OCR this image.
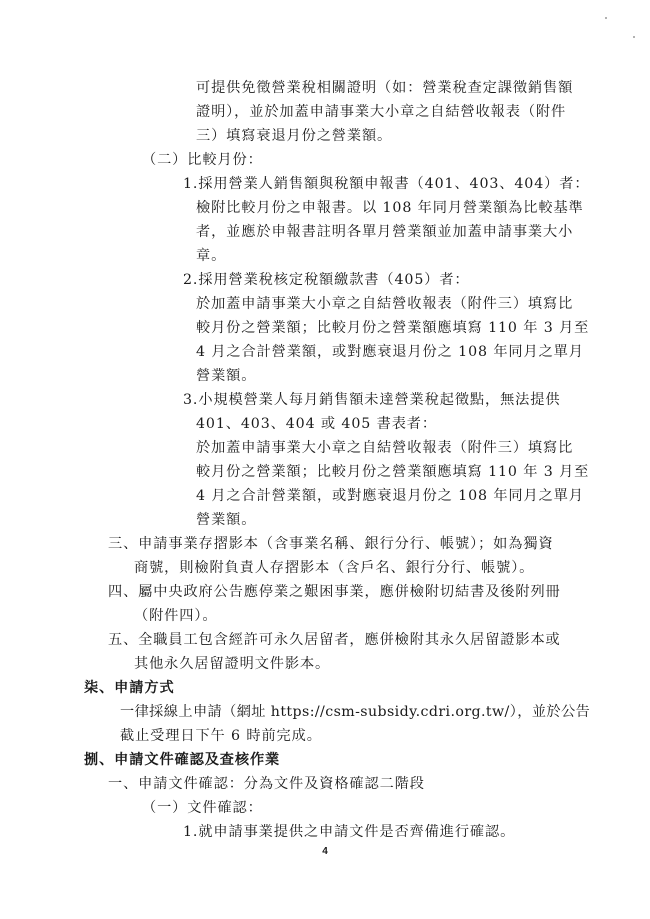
可提供免徵營業稅相關證明（如：營業稅查定課徵銷售額
證明），並於加蓋申請事業大小章之自結營收報表（附件
三）填寫衰退月份之營業額。
（二）比較月份：
1.採用營業人銷售額與稅額申報書（401、403、404）者：
檢附比較月份之申報書。以 108 年同月營業額為比較基準
者，並應於申報書註明各單月營業額並加蓋申請事業大小
章。
2.採用營業稅核定稅額繳款書（405）者：
於加蓋申請事業大小章之自結營收報表（附件三）填寫比
較月份之營業額；比較月份之營業額應填寫 110 年 3 月至
4 月之合計營業額，或對應衰退月份之 108 年同月之單月
營業額。
3.小規模營業人每月銷售額未達營業稅起徵點，無法提供
401、403、404 或 405 書表者：
於加蓋申請事業大小章之自結營收報表（附件三）填寫比
較月份之營業額；比較月份之營業額應填寫 110 年 3 月至
4 月之合計營業額，或對應衰退月份之 108 年同月之單月
營業額。
三、申請事業存摺影本（含事業名稱、銀行分行、帳號）；如為獨資
商號，則檢附負責人存摺影本（含戶名、銀行分行、帳號）。
四、屬中央政府公告應停業之艱困事業，應併檢附切結書及後附列冊
（附件四）。
五、全職員工包含經許可永久居留者，應併檢附其永久居留證影本或
其他永久居留證明文件影本。
柒、申請方式
一律採線上申請（網址 https://csm-subsidy.cdri.org.tw/），並於公告
截止受理日下午 6 時前完成。
捌、申請文件確認及查核作業
一、申請文件確認：分為文件及資格確認二階段
（一）文件確認：
1.就申請事業提供之申請文件是否齊備進行確認。
4
